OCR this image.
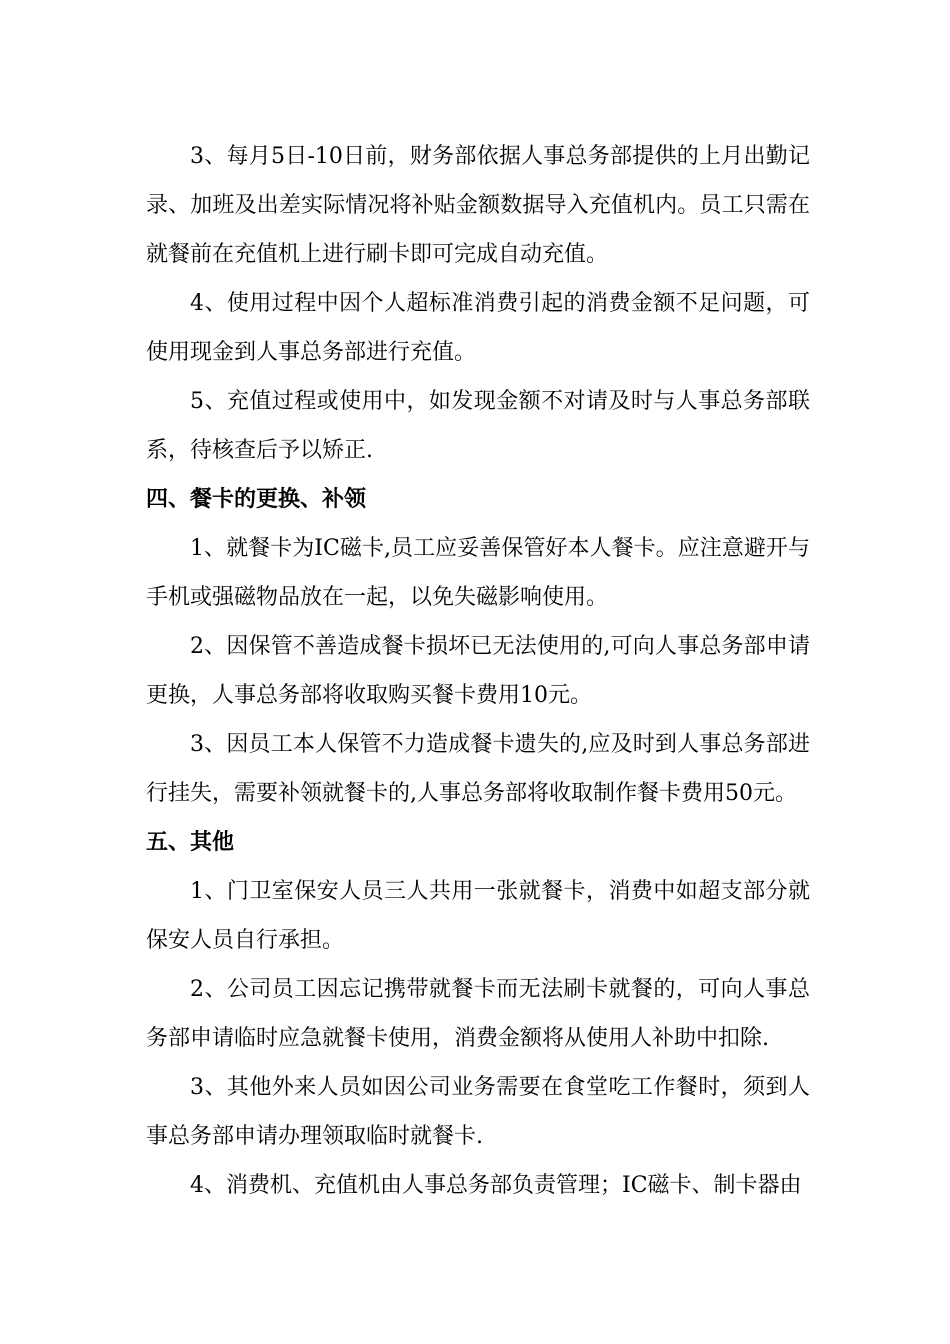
3、每月5日-10日前，财务部依据人事总务部提供的上月出勤记录、加班及出差实际情况将补贴金额数据导入充值机内。员工只需在就餐前在充值机上进行刷卡即可完成自动充值。

4、使用过程中因个人超标准消费引起的消费金额不足问题，可使用现金到人事总务部进行充值。

5、充值过程或使用中，如发现金额不对请及时与人事总务部联系，待核查后予以矫正.

四、餐卡的更换、补领

1、就餐卡为IC磁卡,员工应妥善保管好本人餐卡。应注意避开与手机或强磁物品放在一起，以免失磁影响使用。

2、因保管不善造成餐卡损坏已无法使用的,可向人事总务部申请更换，人事总务部将收取购买餐卡费用10元。

3、因员工本人保管不力造成餐卡遗失的,应及时到人事总务部进行挂失，需要补领就餐卡的,人事总务部将收取制作餐卡费用50元。

五、其他

1、门卫室保安人员三人共用一张就餐卡，消费中如超支部分就保安人员自行承担。

2、公司员工因忘记携带就餐卡而无法刷卡就餐的，可向人事总务部申请临时应急就餐卡使用，消费金额将从使用人补助中扣除.

3、其他外来人员如因公司业务需要在食堂吃工作餐时，须到人事总务部申请办理领取临时就餐卡.

4、消费机、充值机由人事总务部负责管理；IC磁卡、制卡器由
